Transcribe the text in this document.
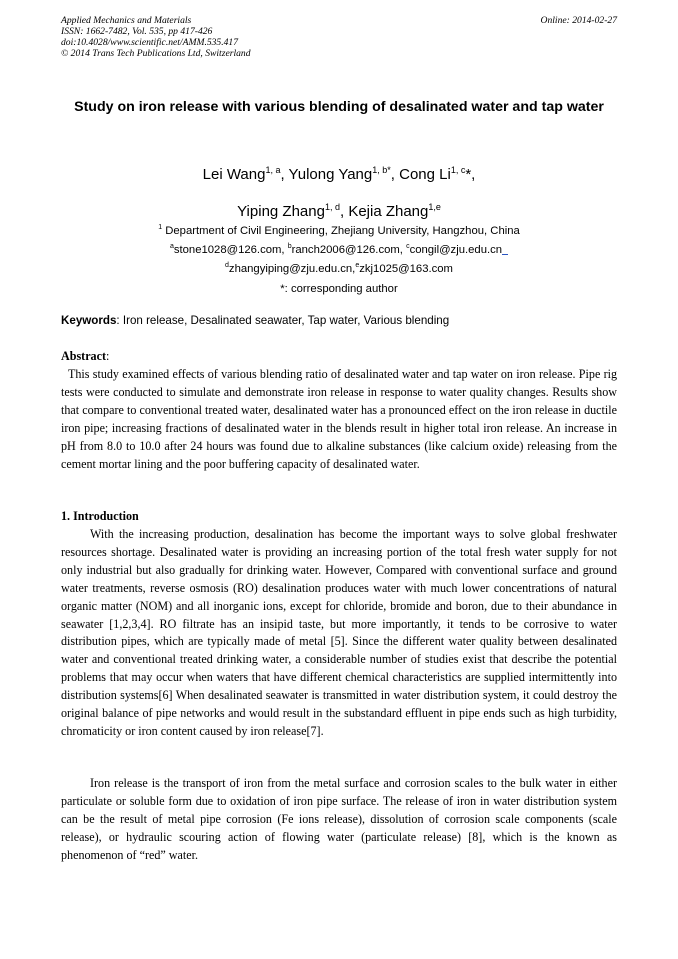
Applied Mechanics and Materials
ISSN: 1662-7482, Vol. 535, pp 417-426
doi:10.4028/www.scientific.net/AMM.535.417
© 2014 Trans Tech Publications Ltd, Switzerland
Online: 2014-02-27
Study on iron release with various blending of desalinated water and tap water
Lei Wang$^{1, a}$, Yulong Yang$^{1, b*}$, Cong Li$^{1, c}$*,
Yiping Zhang$^{1, d}$, Kejia Zhang$^{1,e}$
$^1$ Department of Civil Engineering, Zhejiang University, Hangzhou, China
$^a$stone1028@126.com, $^b$ranch2006@126.com, $^c$congil@zju.edu.cn
$^d$zhangyiping@zju.edu.cn,$^e$zkj1025@163.com
*: corresponding author
Keywords: Iron release, Desalinated seawater, Tap water, Various blending
Abstract:

This study examined effects of various blending ratio of desalinated water and tap water on iron release. Pipe rig tests were conducted to simulate and demonstrate iron release in response to water quality changes. Results show that compare to conventional treated water, desalinated water has a pronounced effect on the iron release in ductile iron pipe; increasing fractions of desalinated water in the blends result in higher total iron release. An increase in pH from 8.0 to 10.0 after 24 hours was found due to alkaline substances (like calcium oxide) releasing from the cement mortar lining and the poor buffering capacity of desalinated water.

1. Introduction

With the increasing production, desalination has become the important ways to solve global freshwater resources shortage. Desalinated water is providing an increasing portion of the total fresh water supply for not only industrial but also gradually for drinking water. However, Compared with conventional surface and ground water treatments, reverse osmosis (RO) desalination produces water with much lower concentrations of natural organic matter (NOM) and all inorganic ions, except for chloride, bromide and boron, due to their abundance in seawater [1,2,3,4]. RO filtrate has an insipid taste, but more importantly, it tends to be corrosive to water distribution pipes, which are typically made of metal [5]. Since the different water quality between desalinated water and conventional treated drinking water, a considerable number of studies exist that describe the potential problems that may occur when waters that have different chemical characteristics are supplied intermittently into distribution systems[6] When desalinated seawater is transmitted in water distribution system, it could destroy the original balance of pipe networks and would result in the substandard effluent in pipe ends such as high turbidity, chromaticity or iron content caused by iron release[7].

Iron release is the transport of iron from the metal surface and corrosion scales to the bulk water in either particulate or soluble form due to oxidation of iron pipe surface. The release of iron in water distribution system can be the result of metal pipe corrosion (Fe ions release), dissolution of corrosion scale components (scale release), or hydraulic scouring action of flowing water (particulate release) [8], which is the known as phenomenon of “red” water.
